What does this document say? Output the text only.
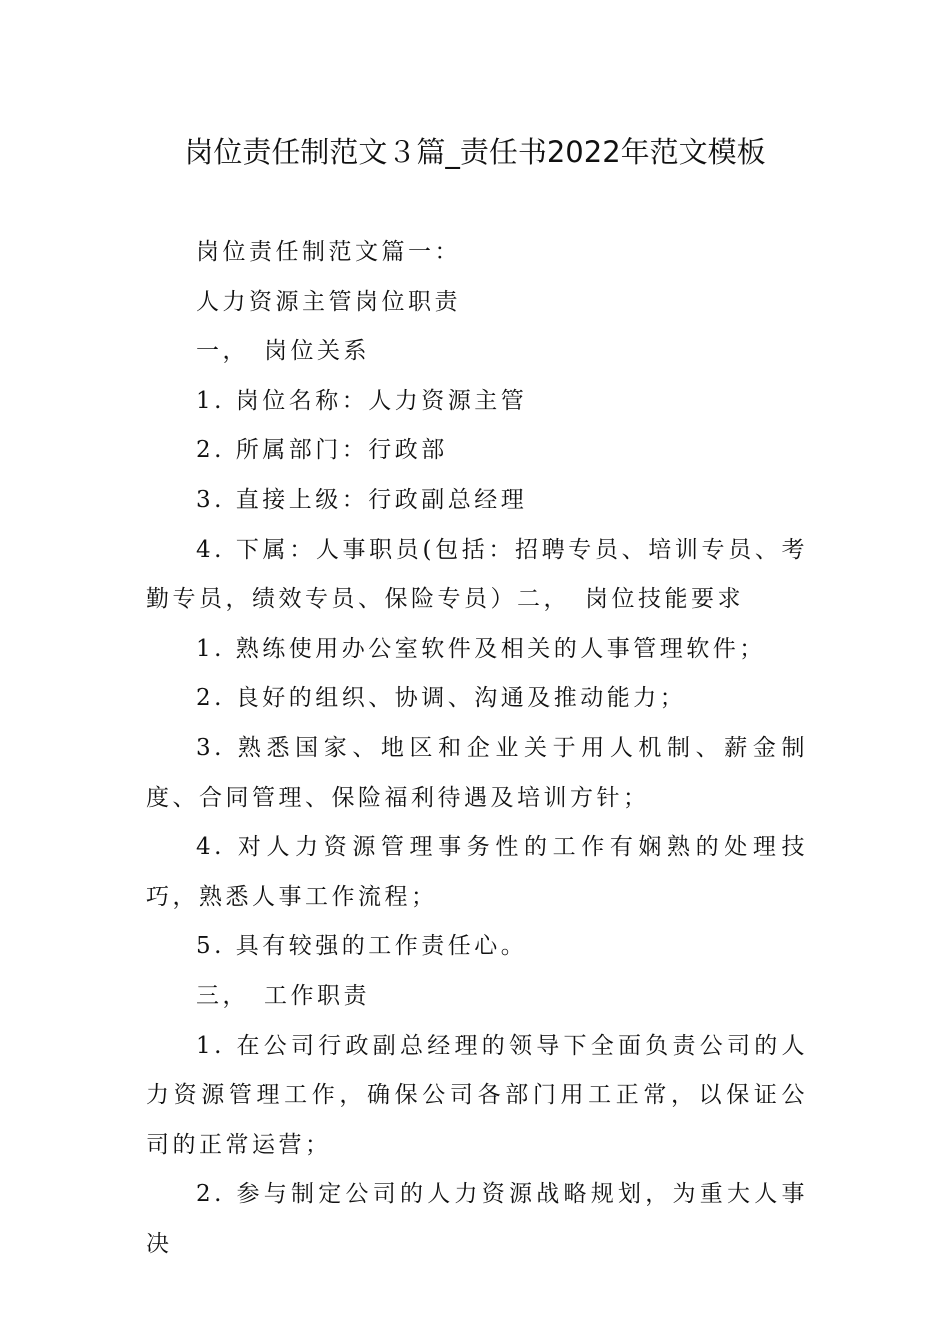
岗位责任制范文３篇_责任书2022年范文模板

岗位责任制范文篇一：

人力资源主管岗位职责

一，　岗位关系

1. 岗位名称：人力资源主管

2. 所属部门：行政部

3. 直接上级：行政副总经理

4. 下属：人事职员(包括：招聘专员、培训专员、考勤专员，绩效专员、保险专员）二，　岗位技能要求

1. 熟练使用办公室软件及相关的人事管理软件；

2. 良好的组织、协调、沟通及推动能力；

3. 熟悉国家、地区和企业关于用人机制、薪金制度、合同管理、保险福利待遇及培训方针；

4. 对人力资源管理事务性的工作有娴熟的处理技巧，熟悉人事工作流程；

5. 具有较强的工作责任心。

三，　工作职责

1. 在公司行政副总经理的领导下全面负责公司的人力资源管理工作，确保公司各部门用工正常，以保证公司的正常运营；

2. 参与制定公司的人力资源战略规划，为重大人事决
